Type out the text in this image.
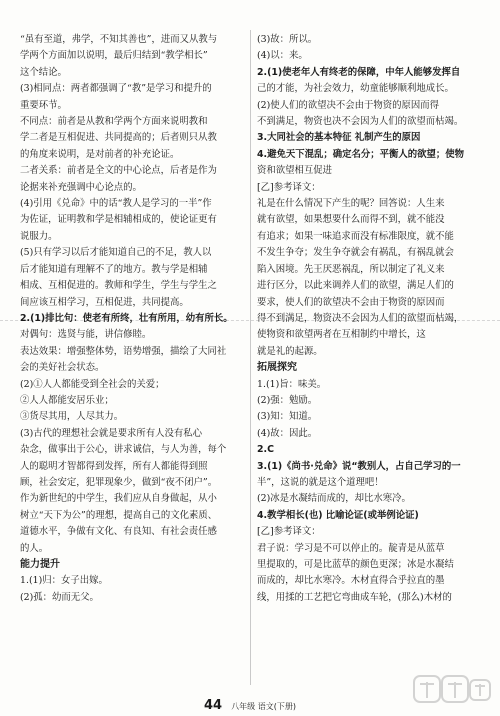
“虽有至道，弗学，不知其善也”，进而又从教与

学两个方面加以说明，最后归结到“教学相长”

这个结论。

(3)相同点：两者都强调了“教”是学习和提升的

重要环节。

不同点：前者是从教和学两个方面来说明教和

学二者是互相促进、共同提高的；后者则只从教

的角度来说明，是对前者的补充论证。

二者关系：前者是全文的中心论点，后者是作为

论据来补充强调中心论点的。

(4)引用《兑命》中的话“教人是学习的一半”作

为佐证，证明教和学是相辅相成的，使论证更有

说服力。

(5)只有学习以后才能知道自己的不足，教人以

后才能知道有理解不了的地方。教与学是相辅

相成、互相促进的。教师和学生，学生与学生之

间应该互相学习，互相促进，共同提高。

2.(1)排比句：使老有所终，壮有所用，幼有所长。

对偶句：选贤与能，讲信修睦。

表达效果：增强整体势，语势增强，描绘了大同社

会的美好社会状态。

(2)①人人都能受到全社会的关爱；

②人人都能安居乐业；

③货尽其用，人尽其力。

(3)古代的理想社会就是要求所有人没有私心

杂念，做事出于公心，讲求诚信，与人为善，每个

人的聪明才智都得到发挥，所有人都能得到照

顾，社会安定，犯罪现象少，做到“夜不闭户”。

作为新世纪的中学生，我们应从自身做起，从小

树立“天下为公”的理想，提高自己的文化素质、

道德水平，争做有文化、有良知、有社会责任感

的人。

能力提升

1.(1)归：女子出嫁。

(2)孤：幼而无父。

(3)故：所以。

(4)以：来。

2.(1)使老年人有终老的保障，中年人能够发挥自

己的才能，为社会效力，幼童能够顺利地成长。

(2)使人们的欲望决不会由于物资的原因而得

不到满足，物资也决不会因为人们的欲望而枯竭。

3.大同社会的基本特征 礼制产生的原因

4.避免天下混乱；确定名分；平衡人的欲望；使物

资和欲望相互促进

[乙]参考译文：

礼是在什么情况下产生的呢？回答说：人生来

就有欲望，如果想要什么而得不到，就不能没

有追求；如果一味追求而没有标准限度，就不能

不发生争夺；发生争夺就会有祸乱，有祸乱就会

陷入困境。先王厌恶祸乱，所以制定了礼义来

进行区分，以此来调养人们的欲望，满足人们的

要求，使人们的欲望决不会由于物资的原因而

得不到满足，物资决不会因为人们的欲望而枯竭，

使物资和欲望两者在互相制约中增长，这

就是礼的起源。

拓展探究

1.(1)旨：味美。

(2)强：勉励。

(3)知：知道。

(4)故：因此。

2.C

3.(1)《尚书·兑命》说“教别人，占自己学习的一

半”，这说的就是这个道理吧！

(2)冰是水凝结而成的，却比水寒冷。

4.教学相长(也) 比喻论证(或举例论证)

[乙]参考译文：

君子说：学习是不可以停止的。靛青是从蓝草

里提取的，可是比蓝草的颜色更深；冰是水凝结

而成的，却比水寒冷。木材直得合乎拉直的墨

线，用揉的工艺把它弯曲成车轮，(那么)木材的

44 八年级 语文(下册)
